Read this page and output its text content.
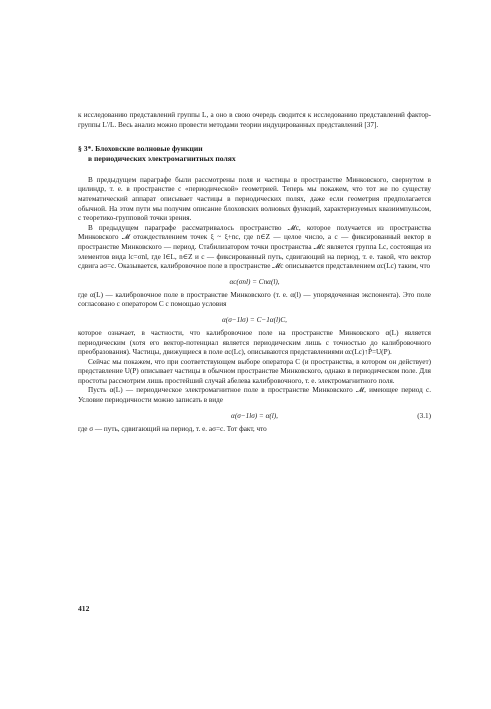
к исследованию представлений группы L, а оно в свою очередь сводится к исследованию представлений фактор-группы L'/L. Весь анализ можно провести методами теории индуцированных представлений [37].

§ 3*. Блоховские волновые функции
в периодических электромагнитных полях

В предыдущем параграфе были рассмотрены поля и частицы в пространстве Минковского, свернутом в цилиндр, т. е. в пространстве с «периодической» геометрией. Теперь мы покажем, что тот же по существу математический аппарат описывает частицы в периодических полях, даже если геометрия предполагается обычной. На этом пути мы получим описание блоховских волновых функций, характеризуемых квазиимпульсом, с теоретико-групповой точки зрения.

В предыдущем параграфе рассматривалось пространство 𝓜c, которое получается из пространства Минковского 𝓜 отождествлением точек ξ ~ ξ+nc, где n∈Z — целое число, а c — фиксированный вектор в пространстве Минковского — период. Стабилизатором точки пространства 𝓜c является группа Lc, состоящая из элементов вида lc=σnl, где l∈L, n∈Z и c — фиксированный путь, сдвигающий на период, т. е. такой, что вектор сдвига aσ=c. Оказывается, калибровочное поле в пространстве 𝓜c описывается представлением αc(Lc) таким, что

αc(σnl) = Cnα(l),

где α(L) — калибровочное поле в пространстве Минковского (т. е. α(l) — упорядоченная экспонента). Это поле согласовано с оператором C с помощью условия

α(σ−1lσ) = C−1α(l)C,

которое означает, в частности, что калибровочное поле на пространстве Минковского α(L) является периодическим (хотя его вектор-потенциал является периодическим лишь с точностью до калибровочного преобразования). Частицы, движущиеся в поле αc(Lc), описываются представлениями αc(Lc)↑P̃=U(P).

Сейчас мы покажем, что при соответствующем выборе оператора C (и пространства, в котором он действует) представление U(P) описывает частицы в обычном пространстве Минковского, однако в периодическом поле. Для простоты рассмотрим лишь простейший случай абелева калибровочного, т. е. электромагнитного поля.

Пусть α(L) — периодическое электромагнитное поле в пространстве Минковского 𝓜, имеющее период c. Условие периодичности можно записать в виде

α(σ−1lσ) = α(l),	(3.1)

где σ — путь, сдвигающий на период, т. е. aσ=c. Тот факт, что

412
